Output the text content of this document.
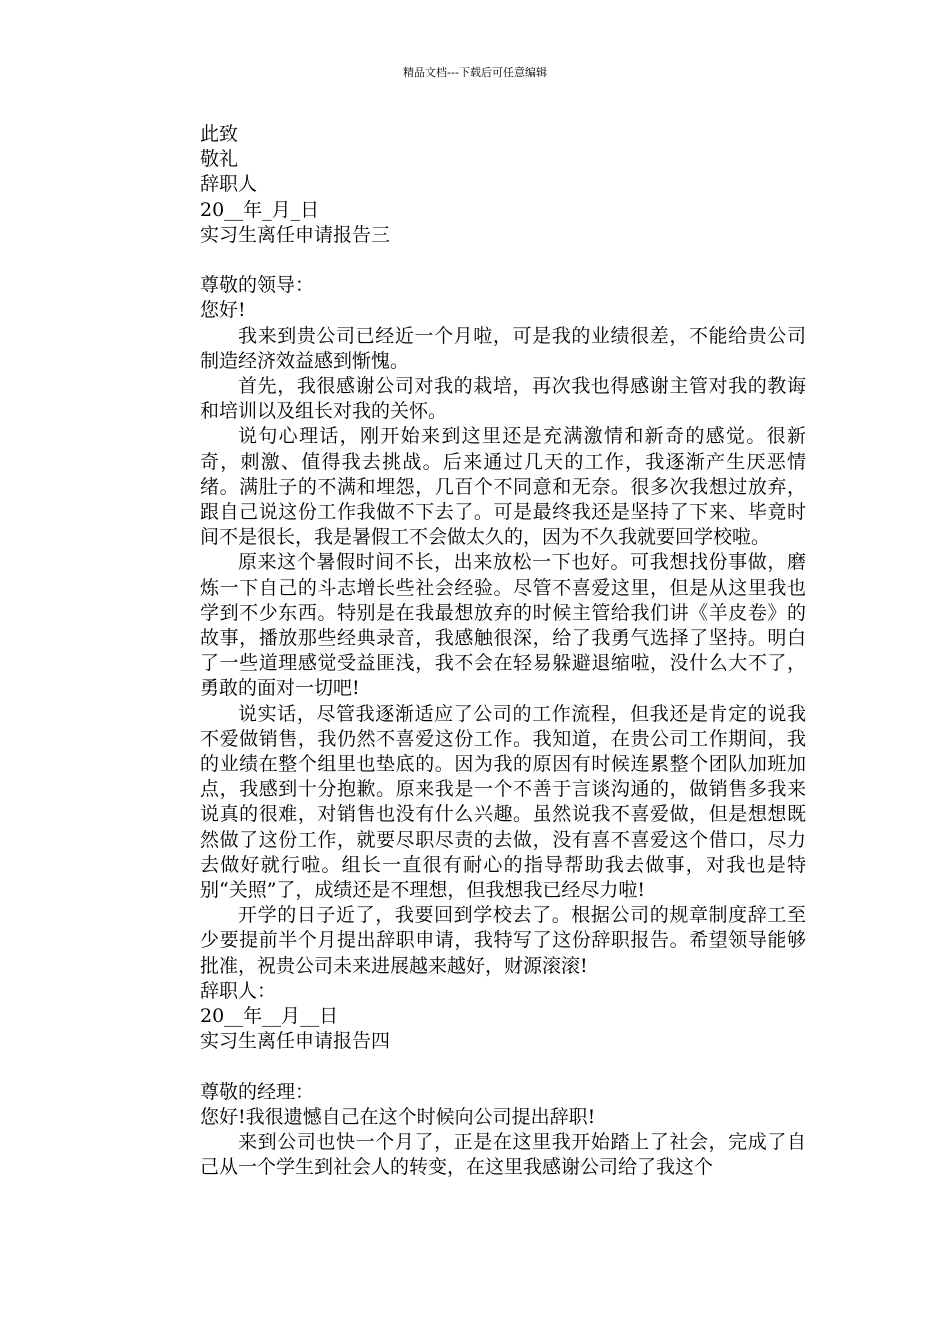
精品文档---下载后可任意编辑
此致
敬礼
辞职人
20__年_月_日
实习生离任申请报告三
尊敬的领导：
您好!
我来到贵公司已经近一个月啦，可是我的业绩很差，不能给贵公司制造经济效益感到惭愧。
首先，我很感谢公司对我的栽培，再次我也得感谢主管对我的教诲和培训以及组长对我的关怀。
说句心理话，刚开始来到这里还是充满激情和新奇的感觉。很新奇，刺激、值得我去挑战。后来通过几天的工作，我逐渐产生厌恶情绪。满肚子的不满和埋怨，几百个不同意和无奈。很多次我想过放弃，跟自己说这份工作我做不下去了。可是最终我还是坚持了下来、毕竟时间不是很长，我是暑假工不会做太久的，因为不久我就要回学校啦。
原来这个暑假时间不长，出来放松一下也好。可我想找份事做，磨炼一下自己的斗志增长些社会经验。尽管不喜爱这里，但是从这里我也学到不少东西。特别是在我最想放弃的时候主管给我们讲《羊皮卷》的故事，播放那些经典录音，我感触很深，给了我勇气选择了坚持。明白了一些道理感觉受益匪浅，我不会在轻易躲避退缩啦，没什么大不了，勇敢的面对一切吧!
说实话，尽管我逐渐适应了公司的工作流程，但我还是肯定的说我不爱做销售，我仍然不喜爱这份工作。我知道，在贵公司工作期间，我的业绩在整个组里也垫底的。因为我的原因有时候连累整个团队加班加点，我感到十分抱歉。原来我是一个不善于言谈沟通的，做销售多我来说真的很难，对销售也没有什么兴趣。虽然说我不喜爱做，但是想想既然做了这份工作，就要尽职尽责的去做，没有喜不喜爱这个借口，尽力去做好就行啦。组长一直很有耐心的指导帮助我去做事，对我也是特别“关照”了，成绩还是不理想，但我想我已经尽力啦!
开学的日子近了，我要回到学校去了。根据公司的规章制度辞工至少要提前半个月提出辞职申请，我特写了这份辞职报告。希望领导能够批准，祝贵公司未来进展越来越好，财源滚滚!
辞职人：
20__年__月__日
实习生离任申请报告四
尊敬的经理：
您好!我很遗憾自己在这个时候向公司提出辞职!
来到公司也快一个月了，正是在这里我开始踏上了社会，完成了自己从一个学生到社会人的转变，在这里我感谢公司给了我这个
